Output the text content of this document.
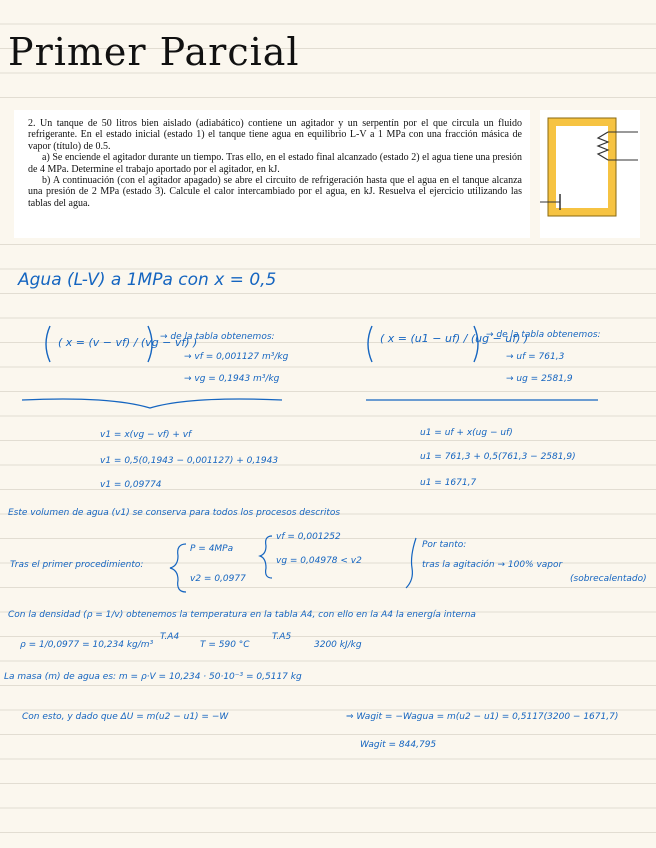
Primer Parcial

2. Un tanque de 50 litros bien aislado (adiabático) contiene un agitador y un serpentín por el que circula un fluido refrigerante. En el estado inicial (estado 1) el tanque tiene agua en equilibrio L-V a 1 MPa con una fracción másica de vapor (título) de 0.5.

a) Se enciende el agitador durante un tiempo. Tras ello, en el estado final alcanzado (estado 2) el agua tiene una presión de 4 MPa. Determine el trabajo aportado por el agitador, en kJ.

b) A continuación (con el agitador apagado) se abre el circuito de refrigeración hasta que el agua en el tanque alcanza una presión de 2 MPa (estado 3). Calcule el calor intercambiado por el agua, en kJ. Resuelva el ejercicio utilizando las tablas del agua.

Agua (L-V) a 1MPa con x = 0,5
( x = (v − vf) / (vg − vf) )
→ de la tabla obtenemos:
→ vf = 0,001127 m³/kg
→ vg = 0,1943 m³/kg
( x = (u1 − uf) / (ug − uf) )
→ de la tabla obtenemos:
→ uf = 761,3
→ ug = 2581,9
v1 = x(vg − vf) + vf
v1 = 0,5(0,1943 − 0,001127) + 0,1943
v1 = 0,09774
u1 = uf + x(ug − uf)
u1 = 761,3 + 0,5(761,3 − 2581,9)
u1 = 1671,7
Este volumen de agua (v1) se conserva para todos los procesos descritos
Tras el primer procedimiento:
P = 4MPa
v2 = 0,0977
vf = 0,001252
vg = 0,04978 < v2
Por tanto:
tras la agitación → 100% vapor
(sobrecalentado)
Con la densidad (ρ = 1/v) obtenemos la temperatura en la tabla A4, con ello en la A4 la energía interna
ρ = 1/0,0977 = 10,234 kg/m³
T.A4
T = 590 °C
T.A5
3200 kJ/kg
La masa (m) de agua es: m = ρ·V = 10,234 · 50·10⁻³ = 0,5117 kg
Con esto, y dado que ΔU = m(u2 − u1) = −W	⇒ Wagit = −Wagua = m(u2 − u1) = 0,5117(3200 − 1671,7)
Wagit = 844,795
